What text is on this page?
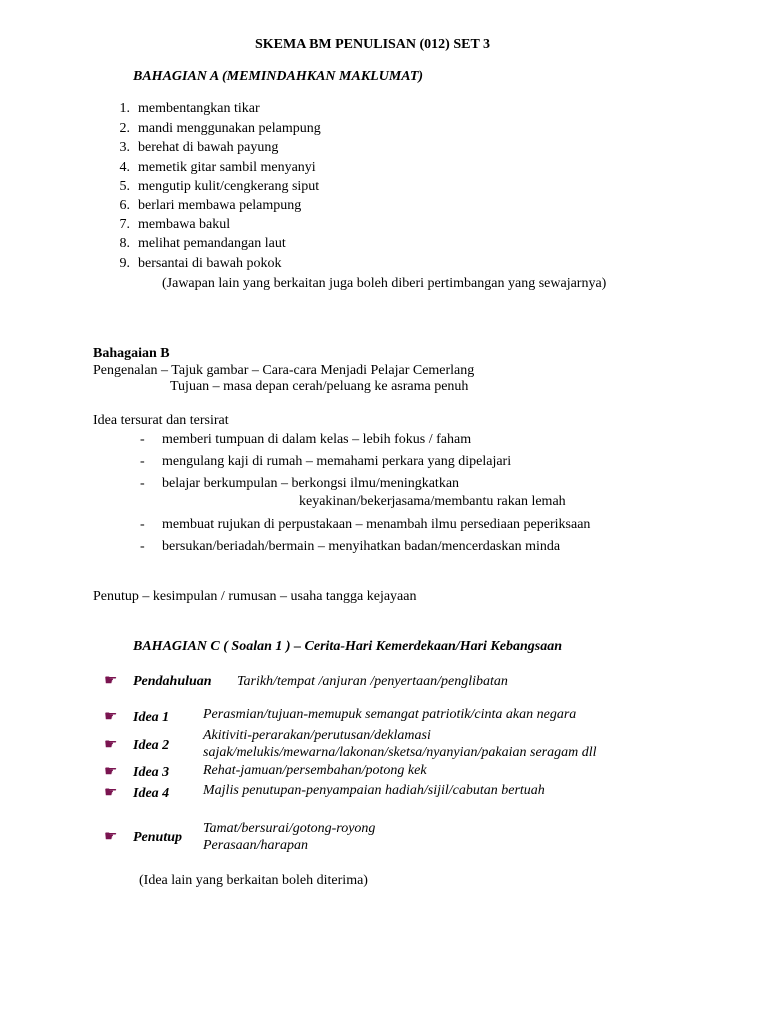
SKEMA BM PENULISAN (012) SET 3
BAHAGIAN A (MEMINDAHKAN MAKLUMAT)
1. membentangkan tikar
2. mandi menggunakan pelampung
3. berehat di bawah payung
4. memetik gitar sambil menyanyi
5. mengutip kulit/cengkerang siput
6. berlari membawa pelampung
7. membawa bakul
8. melihat pemandangan laut
9. bersantai di bawah pokok
(Jawapan lain yang berkaitan juga boleh diberi pertimbangan yang sewajarnya)
Bahagaian B
Pengenalan – Tajuk gambar – Cara-cara Menjadi Pelajar Cemerlang
Tujuan – masa depan cerah/peluang ke asrama penuh
Idea tersurat dan tersirat
- memberi tumpuan di dalam kelas – lebih fokus / faham
- mengulang kaji di rumah – memahami perkara yang dipelajari
- belajar berkumpulan – berkongsi ilmu/meningkatkan
keyakinan/bekerjasama/membantu rakan lemah
- membuat rujukan di perpustakaan – menambah ilmu persediaan peperiksaan
- bersukan/beriadah/bermain – menyihatkan badan/mencerdaskan minda
Penutup – kesimpulan / rumusan – usaha tangga kejayaan
BAHAGIAN C ( Soalan 1 ) – Cerita-Hari Kemerdekaan/Hari Kebangsaan
☛ Pendahuluan Tarikh/tempat /anjuran /penyertaan/penglibatan
☛ Idea 1 Perasmian/tujuan-memupuk semangat patriotik/cinta akan negara
☛ Idea 2
Akitiviti-perarakan/perutusan/deklamasi
sajak/melukis/mewarna/lakonan/sketsa/nyanyian/pakaian seragam dll
☛ Idea 3 Rehat-jamuan/persembahan/potong kek
☛ Idea 4 Majlis penutupan-penyampaian hadiah/sijil/cabutan bertuah
☛ Penutup
Tamat/bersurai/gotong-royong
Perasaan/harapan
(Idea lain yang berkaitan boleh diterima)
